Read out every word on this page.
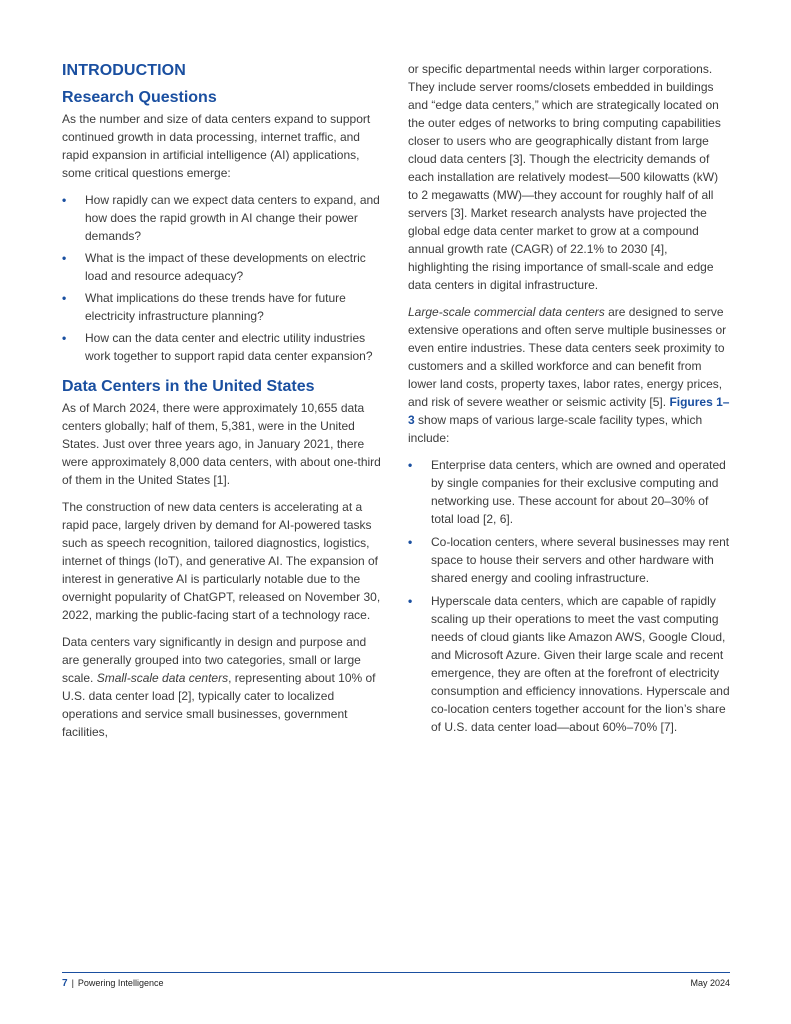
INTRODUCTION
Research Questions

As the number and size of data centers expand to support continued growth in data processing, internet traffic, and rapid expansion in artificial intelligence (AI) applications, some critical questions emerge:

•	How rapidly can we expect data centers to expand, and how does the rapid growth in AI change their power demands?
•	What is the impact of these developments on electric load and resource adequacy?
•	What implications do these trends have for future electricity infrastructure planning?
•	How can the data center and electric utility industries work together to support rapid data center expansion?
Data Centers in the United States

As of March 2024, there were approximately 10,655 data centers globally; half of them, 5,381, were in the United States. Just over three years ago, in January 2021, there were approximately 8,000 data centers, with about one-third of them in the United States [1].

The construction of new data centers is accelerating at a rapid pace, largely driven by demand for AI-powered tasks such as speech recognition, tailored diagnostics, logistics, internet of things (IoT), and generative AI. The expansion of interest in generative AI is particularly notable due to the overnight popularity of ChatGPT, released on November 30, 2022, marking the public-facing start of a technology race.

Data centers vary significantly in design and purpose and are generally grouped into two categories, small or large scale. Small-scale data centers, representing about 10% of U.S. data center load [2], typically cater to localized operations and service small businesses, government facilities,

or specific departmental needs within larger corporations. They include server rooms/closets embedded in buildings and “edge data centers,” which are strategically located on the outer edges of networks to bring computing capabilities closer to users who are geographically distant from large cloud data centers [3]. Though the electricity demands of each installation are relatively modest—500 kilowatts (kW) to 2 megawatts (MW)—they account for roughly half of all servers [3]. Market research analysts have projected the global edge data center market to grow at a compound annual growth rate (CAGR) of 22.1% to 2030 [4], highlighting the rising importance of small-scale and edge data centers in digital infrastructure.

Large-scale commercial data centers are designed to serve extensive operations and often serve multiple businesses or even entire industries. These data centers seek proximity to customers and a skilled workforce and can benefit from lower land costs, property taxes, labor rates, energy prices, and risk of severe weather or seismic activity [5]. Figures 1–3 show maps of various large-scale facility types, which include:

•	Enterprise data centers, which are owned and operated by single companies for their exclusive computing and networking use. These account for about 20–30% of total load [2, 6].
•	Co-location centers, where several businesses may rent space to house their servers and other hardware with shared energy and cooling infrastructure.
•	Hyperscale data centers, which are capable of rapidly scaling up their operations to meet the vast computing needs of cloud giants like Amazon AWS, Google Cloud, and Microsoft Azure. Given their large scale and recent emergence, they are often at the forefront of electricity consumption and efficiency innovations. Hyperscale and co-location centers together account for the lion’s share of U.S. data center load—about 60%–70% [7].
7 | Powering Intelligence	May 2024
